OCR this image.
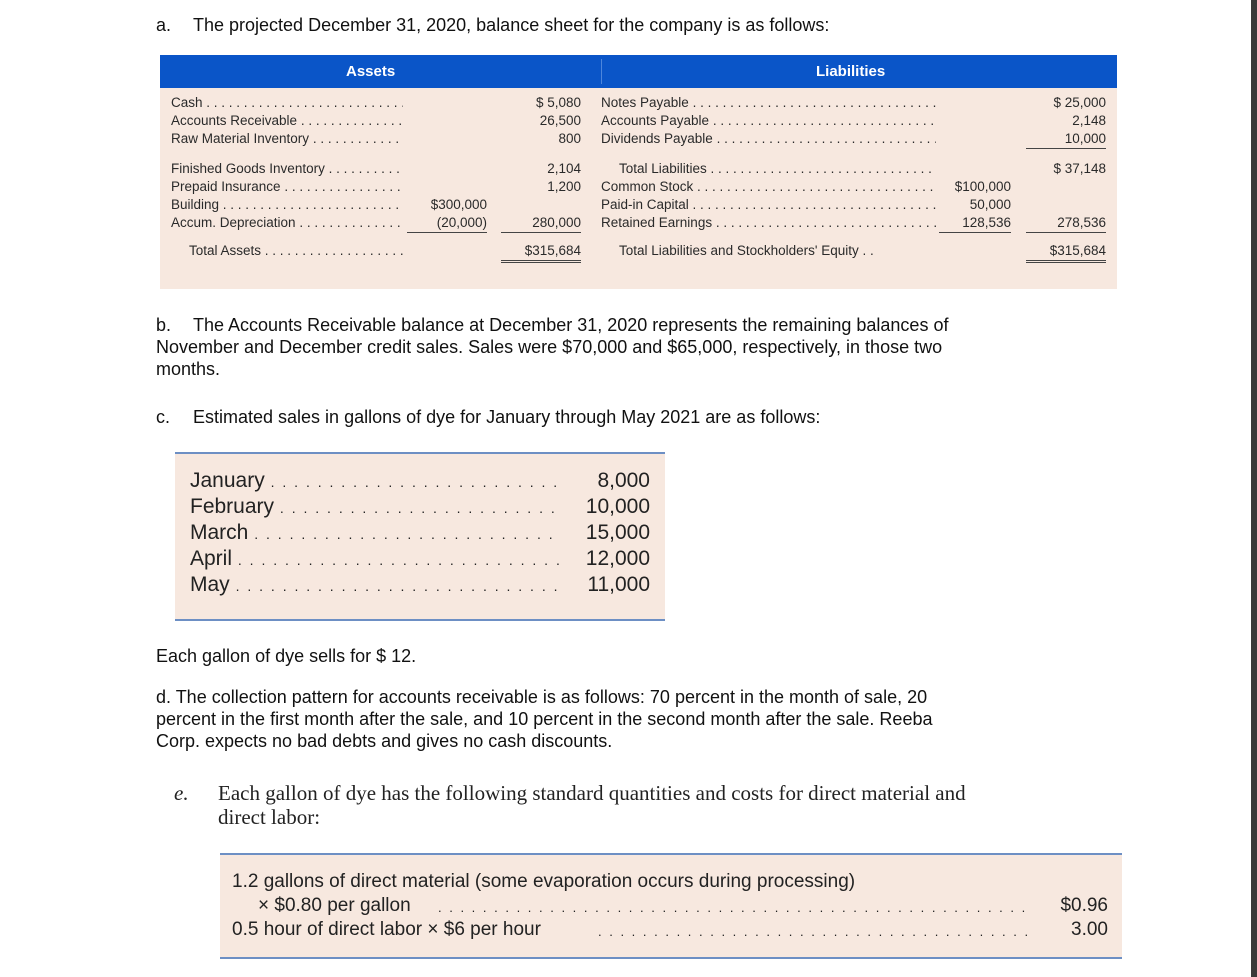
a. The projected December 31, 2020, balance sheet for the company is as follows:
Assets	Liabilities
Cash . . .	$ 5,080
Accounts Receivable . . .	26,500
Raw Material Inventory . . .	800
Finished Goods Inventory . . .	2,104
Prepaid Insurance . . .	1,200
Building . . .	$300,000
Accum. Depreciation . . .	(20,000)	280,000
Total Assets . . .	$315,684
Notes Payable . . .	$ 25,000
Accounts Payable . . .	2,148
Dividends Payable . . .	10,000
Total Liabilities . . .	$ 37,148
Common Stock . . .	$100,000
Paid-in Capital . . .	50,000
Retained Earnings . . .	128,536	278,536
Total Liabilities and Stockholders' Equity . .	$315,684
b. The Accounts Receivable balance at December 31, 2020 represents the remaining balances of
November and December credit sales. Sales were $70,000 and $65,000, respectively, in those two
months.
c. Estimated sales in gallons of dye for January through May 2021 are as follows:
January . . .	8,000
February . . .	10,000
March . . .	15,000
April . . .	12,000
May . . .	11,000
Each gallon of dye sells for $ 12.
d. The collection pattern for accounts receivable is as follows: 70 percent in the month of sale, 20
percent in the first month after the sale, and 10 percent in the second month after the sale. Reeba
Corp. expects no bad debts and gives no cash discounts.
e. Each gallon of dye has the following standard quantities and costs for direct material and
direct labor:
1.2 gallons of direct material (some evaporation occurs during processing)
× $0.80 per gallon . . .	$0.96
0.5 hour of direct labor × $6 per hour . . .	3.00
